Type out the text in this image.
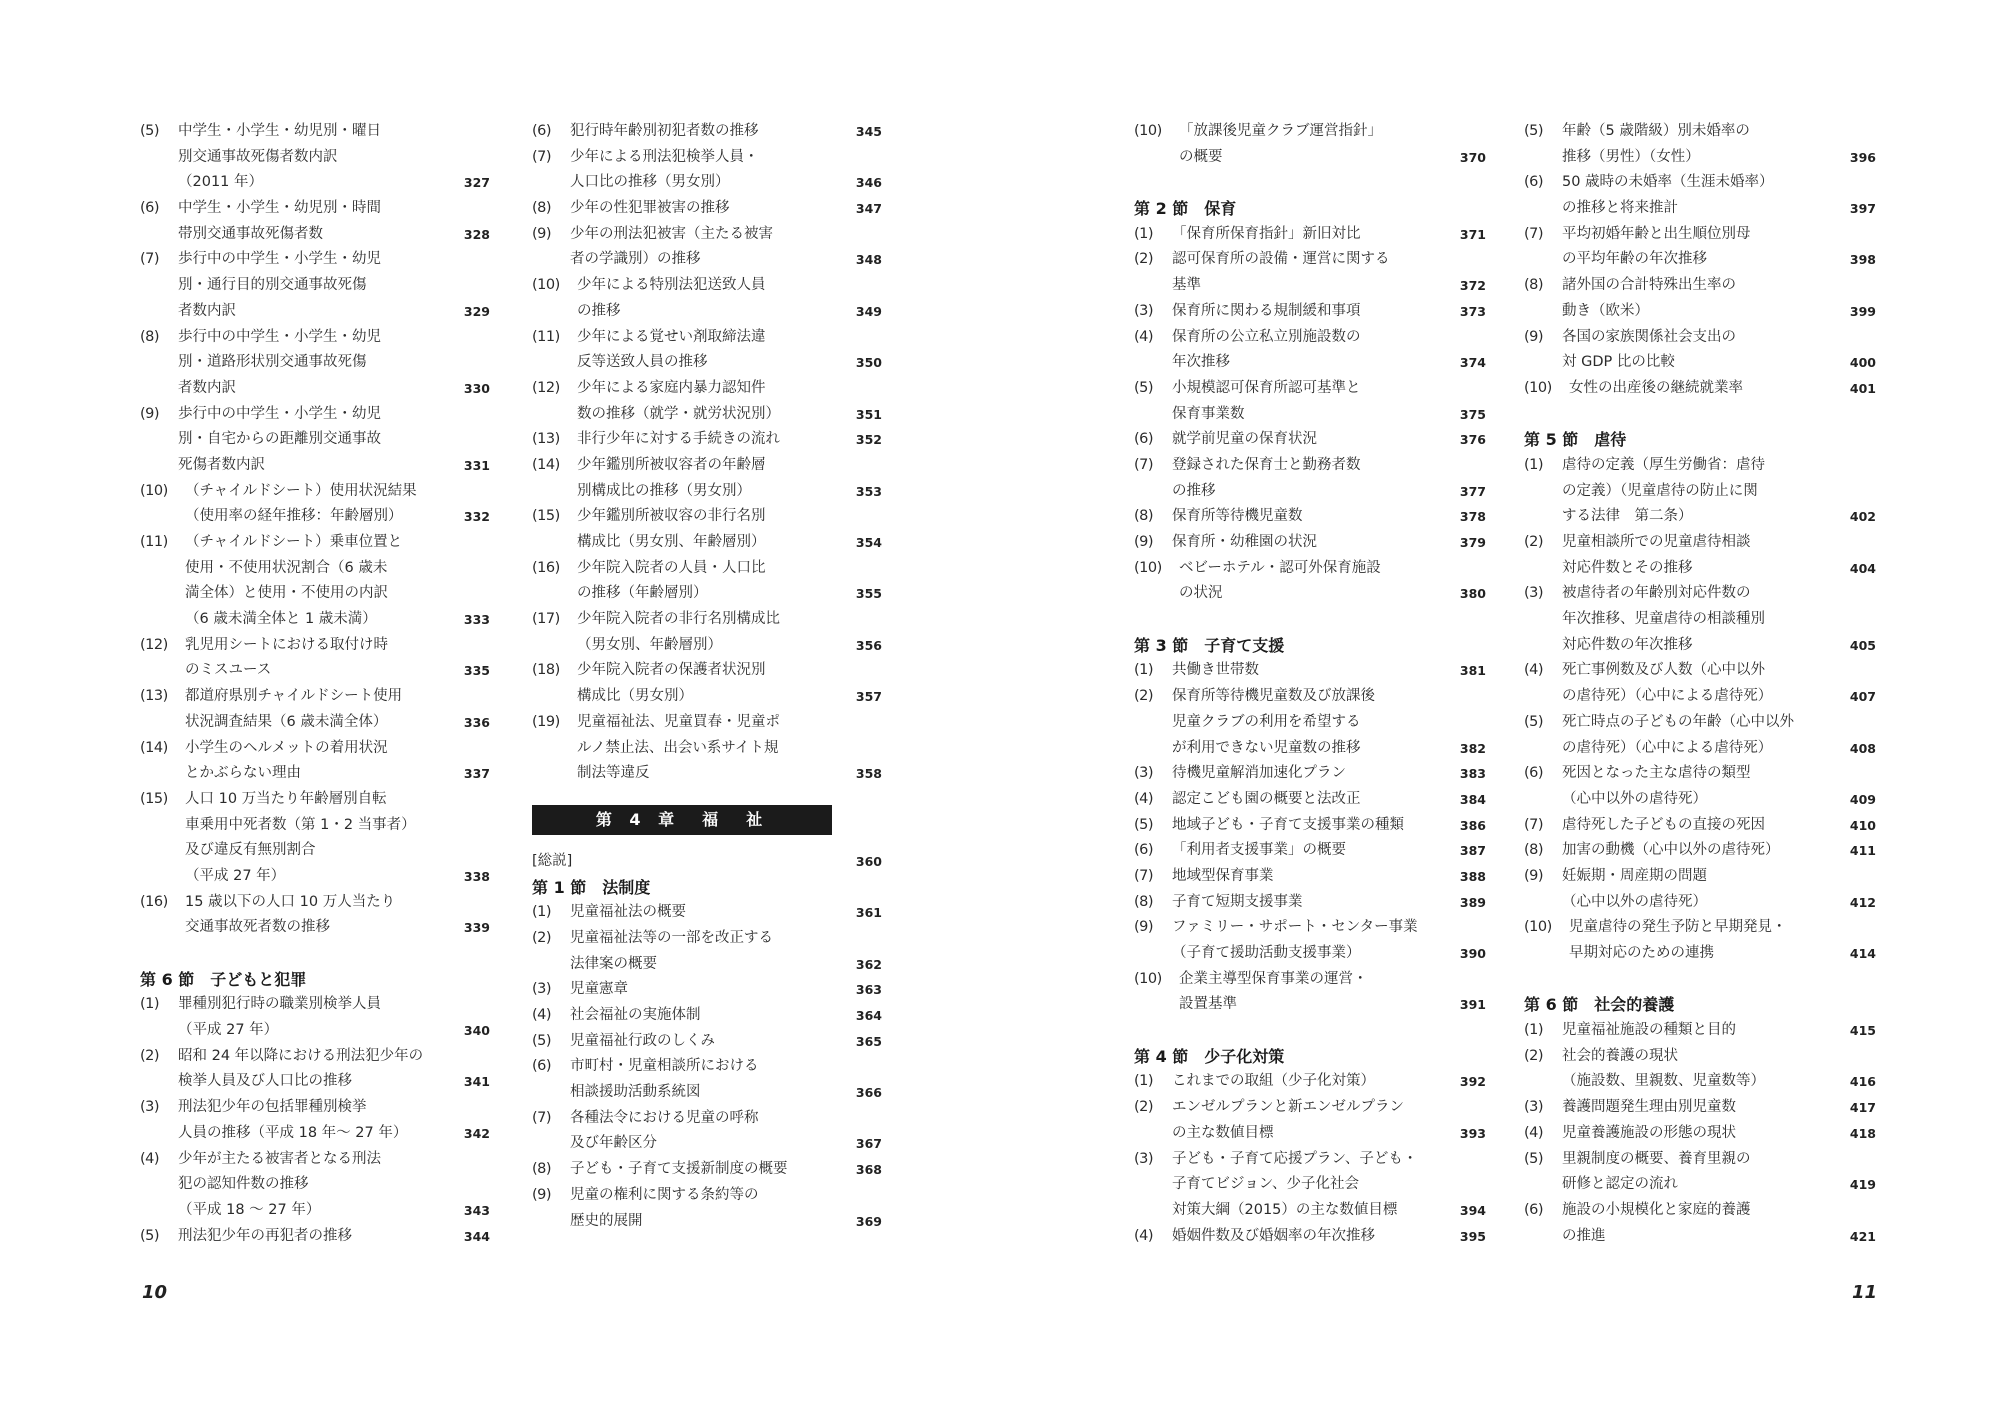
(5)	中学生・小学生・幼児別・曜日
別交通事故死傷者数内訳
（2011 年）	327
(6)	中学生・小学生・幼児別・時間
帯別交通事故死傷者数	328
(7)	歩行中の中学生・小学生・幼児
別・通行目的別交通事故死傷
者数内訳	329
(8)	歩行中の中学生・小学生・幼児
別・道路形状別交通事故死傷
者数内訳	330
(9)	歩行中の中学生・小学生・幼児
別・自宅からの距離別交通事故
死傷者数内訳	331
(10)	（チャイルドシート）使用状況結果
（使用率の経年推移：年齢層別）	332
(11)	（チャイルドシート）乗車位置と
使用・不使用状況割合（6 歳未
満全体）と使用・不使用の内訳
（6 歳未満全体と 1 歳未満）	333
(12)	乳児用シートにおける取付け時
のミスユース	335
(13)	都道府県別チャイルドシート使用
状況調査結果（6 歳未満全体）	336
(14)	小学生のヘルメットの着用状況
とかぶらない理由	337
(15)	人口 10 万当たり年齢層別自転
車乗用中死者数（第 1・2 当事者）
及び違反有無別割合
（平成 27 年）	338
(16)	15 歳以下の人口 10 万人当たり
交通事故死者数の推移	339
第 6 節　子どもと犯罪
(1)	罪種別犯行時の職業別検挙人員
（平成 27 年）	340
(2)	昭和 24 年以降における刑法犯少年の
検挙人員及び人口比の推移	341
(3)	刑法犯少年の包括罪種別検挙
人員の推移（平成 18 年〜 27 年）	342
(4)	少年が主たる被害者となる刑法
犯の認知件数の推移
（平成 18 〜 27 年）	343
(5)	刑法犯少年の再犯者の推移	344
(6)	犯行時年齢別初犯者数の推移	345
(7)	少年による刑法犯検挙人員・
人口比の推移（男女別）	346
(8)	少年の性犯罪被害の推移	347
(9)	少年の刑法犯被害（主たる被害
者の学識別）の推移	348
(10)	少年による特別法犯送致人員
の推移	349
(11)	少年による覚せい剤取締法違
反等送致人員の推移	350
(12)	少年による家庭内暴力認知件
数の推移（就学・就労状況別）	351
(13)	非行少年に対する手続きの流れ	352
(14)	少年鑑別所被収容者の年齢層
別構成比の推移（男女別）	353
(15)	少年鑑別所被収容の非行名別
構成比（男女別、年齢層別）	354
(16)	少年院入院者の人員・人口比
の推移（年齢層別）	355
(17)	少年院入院者の非行名別構成比
（男女別、年齢層別）	356
(18)	少年院入院者の保護者状況別
構成比（男女別）	357
(19)	児童福祉法、児童買春・児童ポ
ルノ禁止法、出会い系サイト規
制法等違反	358
第 4 章　福　祉
[総説]	360
第 1 節　法制度
(1)	児童福祉法の概要	361
(2)	児童福祉法等の一部を改正する
法律案の概要	362
(3)	児童憲章	363
(4)	社会福祉の実施体制	364
(5)	児童福祉行政のしくみ	365
(6)	市町村・児童相談所における
相談援助活動系統図	366
(7)	各種法令における児童の呼称
及び年齢区分	367
(8)	子ども・子育て支援新制度の概要	368
(9)	児童の権利に関する条約等の
歴史的展開	369
(10)	「放課後児童クラブ運営指針」
の概要	370
第 2 節　保育
(1)	「保育所保育指針」新旧対比	371
(2)	認可保育所の設備・運営に関する
基準	372
(3)	保育所に関わる規制緩和事項	373
(4)	保育所の公立私立別施設数の
年次推移	374
(5)	小規模認可保育所認可基準と
保育事業数	375
(6)	就学前児童の保育状況	376
(7)	登録された保育士と勤務者数
の推移	377
(8)	保育所等待機児童数	378
(9)	保育所・幼稚園の状況	379
(10)	ベビーホテル・認可外保育施設
の状況	380
第 3 節　子育て支援
(1)	共働き世帯数	381
(2)	保育所等待機児童数及び放課後
児童クラブの利用を希望する
が利用できない児童数の推移	382
(3)	待機児童解消加速化プラン	383
(4)	認定こども園の概要と法改正	384
(5)	地域子ども・子育て支援事業の種類	386
(6)	「利用者支援事業」の概要	387
(7)	地域型保育事業	388
(8)	子育て短期支援事業	389
(9)	ファミリー・サポート・センター事業
（子育て援助活動支援事業）	390
(10)	企業主導型保育事業の運営・
設置基準	391
第 4 節　少子化対策
(1)	これまでの取組（少子化対策）	392
(2)	エンゼルプランと新エンゼルプラン
の主な数値目標	393
(3)	子ども・子育て応援プラン、子ども・
子育てビジョン、少子化社会
対策大綱（2015）の主な数値目標	394
(4)	婚姻件数及び婚姻率の年次推移	395
(5)	年齢（5 歳階級）別未婚率の
推移（男性）（女性）	396
(6)	50 歳時の未婚率（生涯未婚率）
の推移と将来推計	397
(7)	平均初婚年齢と出生順位別母
の平均年齢の年次推移	398
(8)	諸外国の合計特殊出生率の
動き（欧米）	399
(9)	各国の家族関係社会支出の
対 GDP 比の比較	400
(10)	女性の出産後の継続就業率	401
第 5 節　虐待
(1)	虐待の定義（厚生労働省：虐待
の定義）（児童虐待の防止に関
する法律　第二条）	402
(2)	児童相談所での児童虐待相談
対応件数とその推移	404
(3)	被虐待者の年齢別対応件数の
年次推移、児童虐待の相談種別
対応件数の年次推移	405
(4)	死亡事例数及び人数（心中以外
の虐待死）（心中による虐待死）	407
(5)	死亡時点の子どもの年齢（心中以外
の虐待死）（心中による虐待死）	408
(6)	死因となった主な虐待の類型
（心中以外の虐待死）	409
(7)	虐待死した子どもの直接の死因	410
(8)	加害の動機（心中以外の虐待死）	411
(9)	妊娠期・周産期の問題
（心中以外の虐待死）	412
(10)	児童虐待の発生予防と早期発見・
早期対応のための連携	414
第 6 節　社会的養護
(1)	児童福祉施設の種類と目的	415
(2)	社会的養護の現状
（施設数、里親数、児童数等）	416
(3)	養護問題発生理由別児童数	417
(4)	児童養護施設の形態の現状	418
(5)	里親制度の概要、養育里親の
研修と認定の流れ	419
(6)	施設の小規模化と家庭的養護
の推進	421
10	11
